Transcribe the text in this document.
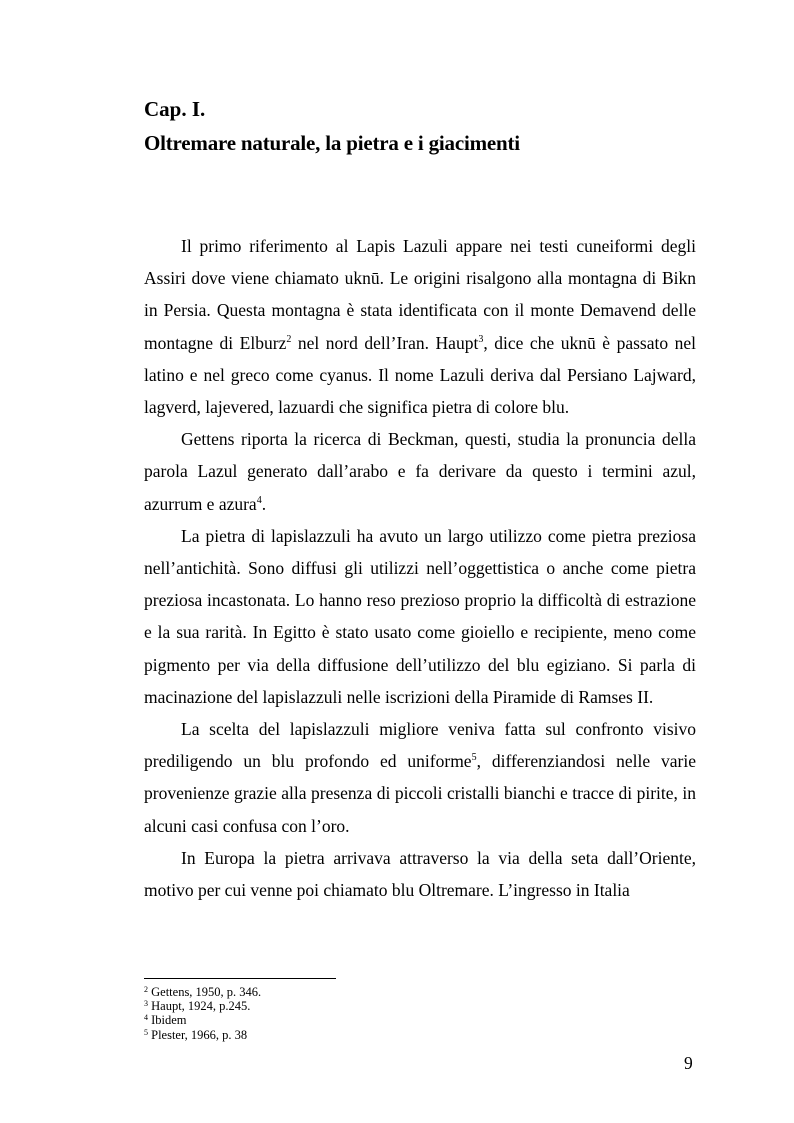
Cap. I.
Oltremare naturale, la pietra e i giacimenti

Il primo riferimento al Lapis Lazuli appare nei testi cuneiformi degli Assiri dove viene chiamato uknū. Le origini risalgono alla montagna di Bikn in Persia. Questa montagna è stata identificata con il monte Demavend delle montagne di Elburz$^2$ nel nord dell’Iran. Haupt$^3$, dice che uknū è passato nel latino e nel greco come cyanus. Il nome Lazuli deriva dal Persiano Lajward, lagverd, lajevered, lazuardi che significa pietra di colore blu.

Gettens riporta la ricerca di Beckman, questi, studia la pronuncia della parola Lazul generato dall’arabo e fa derivare da questo i termini azul, azurrum e azura$^4$.

La pietra di lapislazzuli ha avuto un largo utilizzo come pietra preziosa nell’antichità. Sono diffusi gli utilizzi nell’oggettistica o anche come pietra preziosa incastonata. Lo hanno reso prezioso proprio la difficoltà di estrazione e la sua rarità. In Egitto è stato usato come gioiello e recipiente, meno come pigmento per via della diffusione dell’utilizzo del blu egiziano. Si parla di macinazione del lapislazzuli nelle iscrizioni della Piramide di Ramses II.

La scelta del lapislazzuli migliore veniva fatta sul confronto visivo prediligendo un blu profondo ed uniforme$^5$, differenziandosi nelle varie provenienze grazie alla presenza di piccoli cristalli bianchi e tracce di pirite, in alcuni casi confusa con l’oro.

In Europa la pietra arrivava attraverso la via della seta dall’Oriente, motivo per cui venne poi chiamato blu Oltremare. L’ingresso in Italia

$^2$ Gettens, 1950, p. 346.
$^3$ Haupt, 1924, p.245.
$^4$ Ibidem
$^5$ Plester, 1966, p. 38
9
